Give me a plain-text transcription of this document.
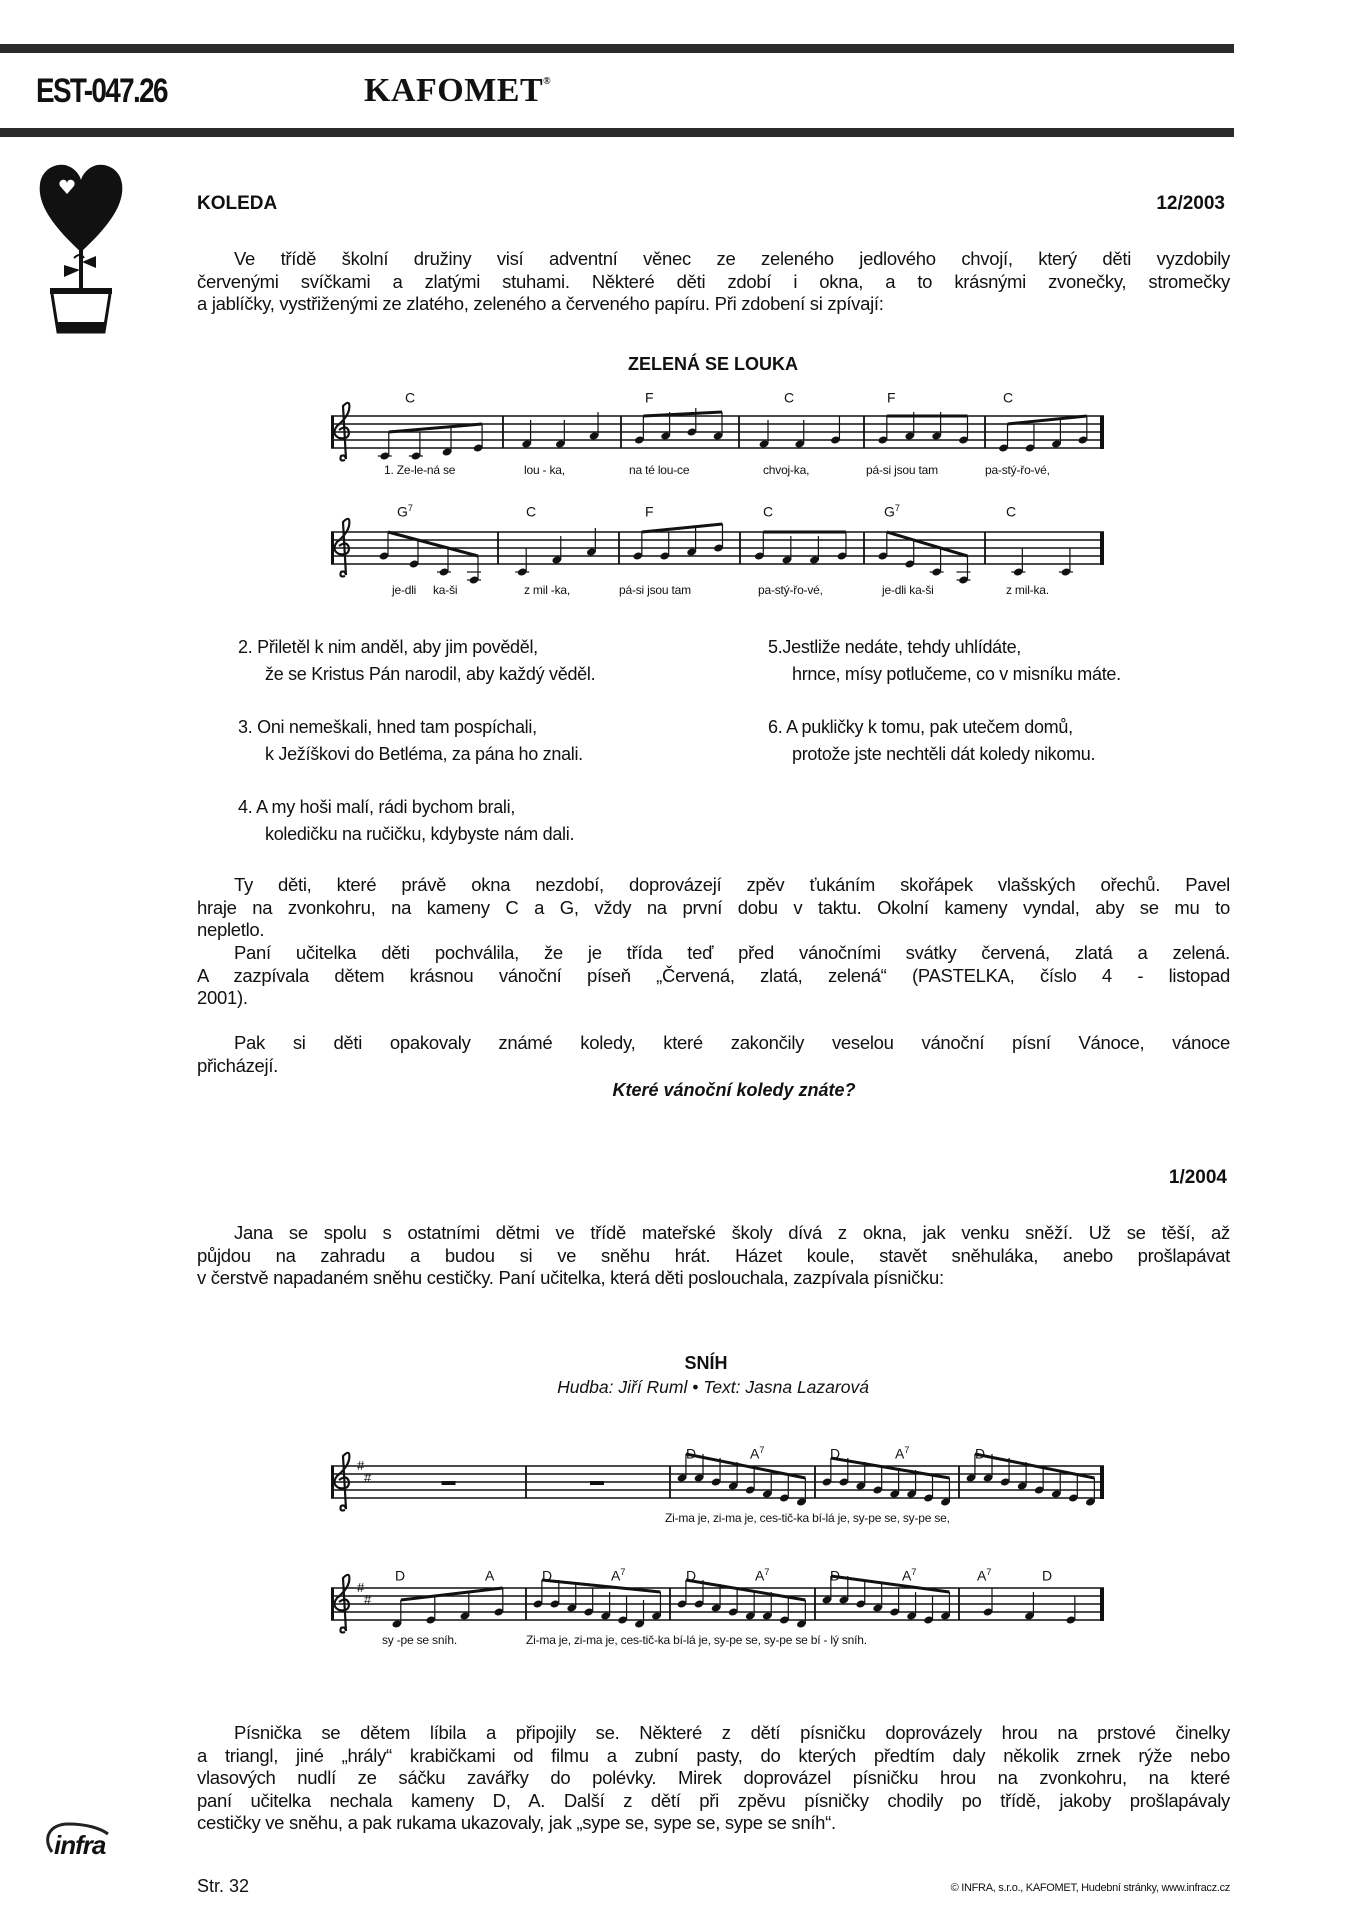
EST-047.26	KAFOMET®
KOLEDA	12/2003
Ve třídě školní družiny visí adventní věnec ze zeleného jedlového chvojí, který děti vyzdobily
červenými svíčkami a zlatými stuhami. Některé děti zdobí i okna, a to krásnými zvonečky, stromečky
a jablíčky, vystřiženými ze zlatého, zeleného a červeného papíru. Při zdobení si zpívají:
ZELENÁ SE LOUKA
C	F	C	F	C
1. Ze-le-ná se	lou - ka,	na té lou-ce	chvoj-ka,	pá-si jsou tam	pa-stý-řo-vé,
$G^7$	C	F	C	$G^7$	C
je-dli ka-ši	z mil -ka,	pá-si jsou tam	pa-stý-řo-vé,	je-dli ka-ši	z mil-ka.
2. Přiletěl k nim anděl, aby jim pověděl,
že se Kristus Pán narodil, aby každý věděl.
3. Oni nemeškali, hned tam pospíchali,
k Ježíškovi do Betléma, za pána ho znali.
4. A my hoši malí, rádi bychom brali,
koledičku na ručičku, kdybyste nám dali.
5.Jestliže nedáte, tehdy uhlídáte,
hrnce, mísy potlučeme, co v misníku máte.
6. A pukličky k tomu, pak utečem domů,
protože jste nechtěli dát koledy nikomu.
Ty děti, které právě okna nezdobí, doprovázejí zpěv ťukáním skořápek vlašských ořechů. Pavel
hraje na zvonkohru, na kameny C a G, vždy na první dobu v taktu. Okolní kameny vyndal, aby se mu to
nepletlo.
Paní učitelka děti pochválila, že je třída teď před vánočními svátky červená, zlatá a zelená.
A zazpívala dětem krásnou vánoční píseň „Červená, zlatá, zelená“ (PASTELKA, číslo 4 - listopad
2001).
Pak si děti opakovaly známé koledy, které zakončily veselou vánoční písní Vánoce, vánoce
přicházejí.
Které vánoční koledy znáte?
1/2004
Jana se spolu s ostatními dětmi ve třídě mateřské školy dívá z okna, jak venku sněží. Už se těší, až
půjdou na zahradu a budou si ve sněhu hrát. Házet koule, stavět sněhuláka, anebo prošlapávat
v čerstvě napadaném sněhu cestičky. Paní učitelka, která děti poslouchala, zazpívala písničku:
SNÍH
Hudba: Jiří Ruml • Text: Jasna Lazarová
#
#
D	$A^7$	D	$A^7$	D
Zi-ma je, zi-ma je, ces-tič-ka bí-lá je, sy-pe se, sy-pe se,
#
#
D	A	D	$A^7$	D	$A^7$	D	$A^7$	$A^7$	D
sy -pe se sníh.	Zi-ma je, zi-ma je, ces-tič-ka bí-lá je, sy-pe se, sy-pe se bí - lý sníh.
Písnička se dětem líbila a připojily se. Některé z dětí písničku doprovázely hrou na prstové činelky
a triangl, jiné „hrály“ krabičkami od filmu a zubní pasty, do kterých předtím daly několik zrnek rýže nebo
vlasových nudlí ze sáčku zavářky do polévky. Mirek doprovázel písničku hrou na zvonkohru, na které
paní učitelka nechala kameny D, A. Další z dětí při zpěvu písničky chodily po třídě, jakoby prošlapávaly
cestičky ve sněhu, a pak rukama ukazovaly, jak „sype se, sype se, sype se sníh“.
infra
Str. 32	© INFRA, s.r.o., KAFOMET, Hudební stránky, www.infracz.cz
